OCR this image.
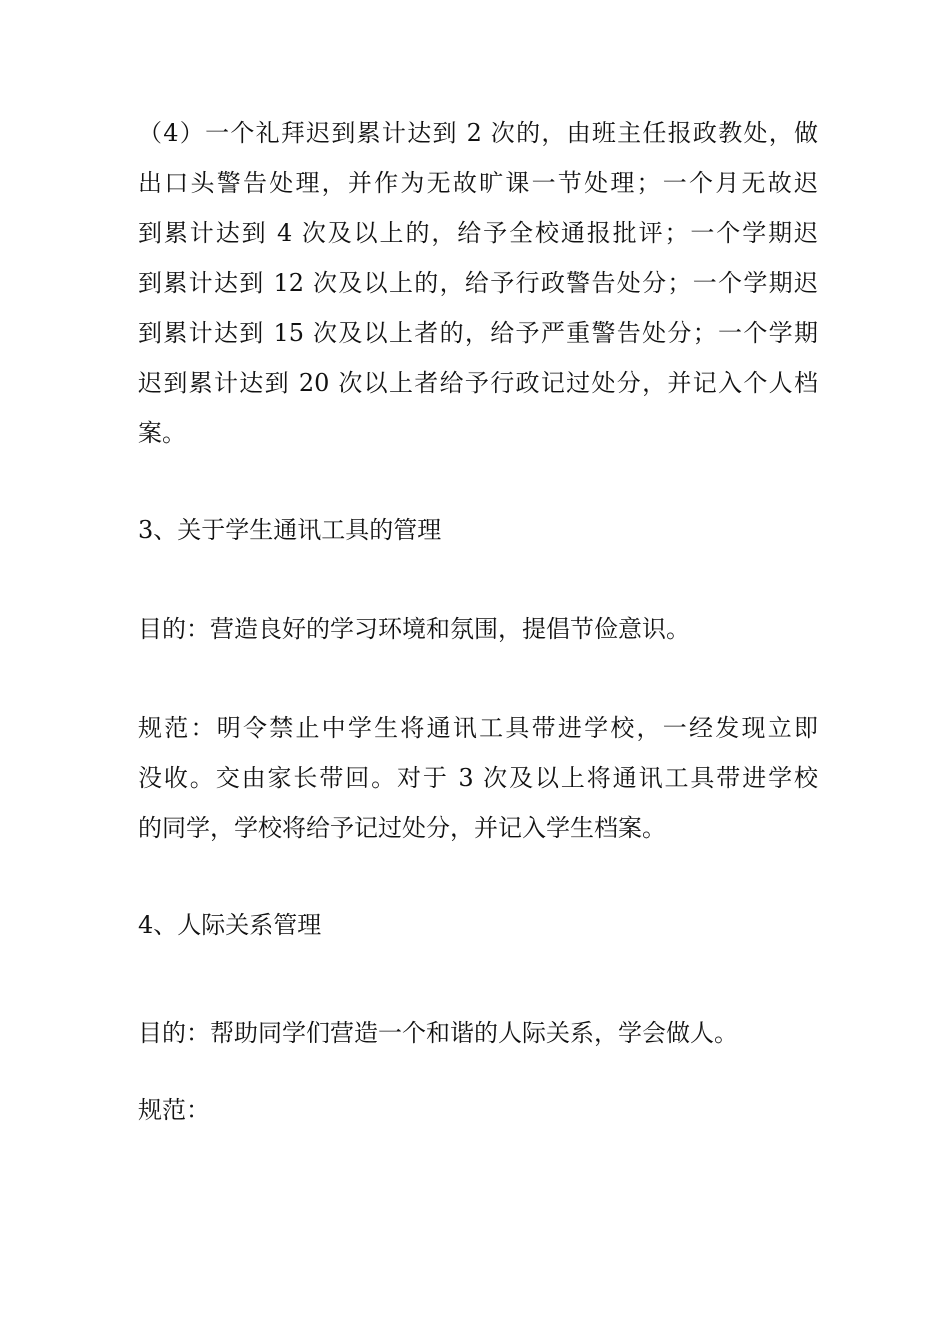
（4）一个礼拜迟到累计达到 2 次的，由班主任报政教处，做
出口头警告处理，并作为无故旷课一节处理；一个月无故迟
到累计达到 4 次及以上的，给予全校通报批评；一个学期迟
到累计达到 12 次及以上的，给予行政警告处分；一个学期迟
到累计达到 15 次及以上者的，给予严重警告处分；一个学期
迟到累计达到 20 次以上者给予行政记过处分，并记入个人档
案。

3、关于学生通讯工具的管理

目的：营造良好的学习环境和氛围，提倡节俭意识。

规范：明令禁止中学生将通讯工具带进学校，一经发现立即
没收。交由家长带回。对于 3 次及以上将通讯工具带进学校
的同学，学校将给予记过处分，并记入学生档案。

4、人际关系管理

目的：帮助同学们营造一个和谐的人际关系，学会做人。

规范：
